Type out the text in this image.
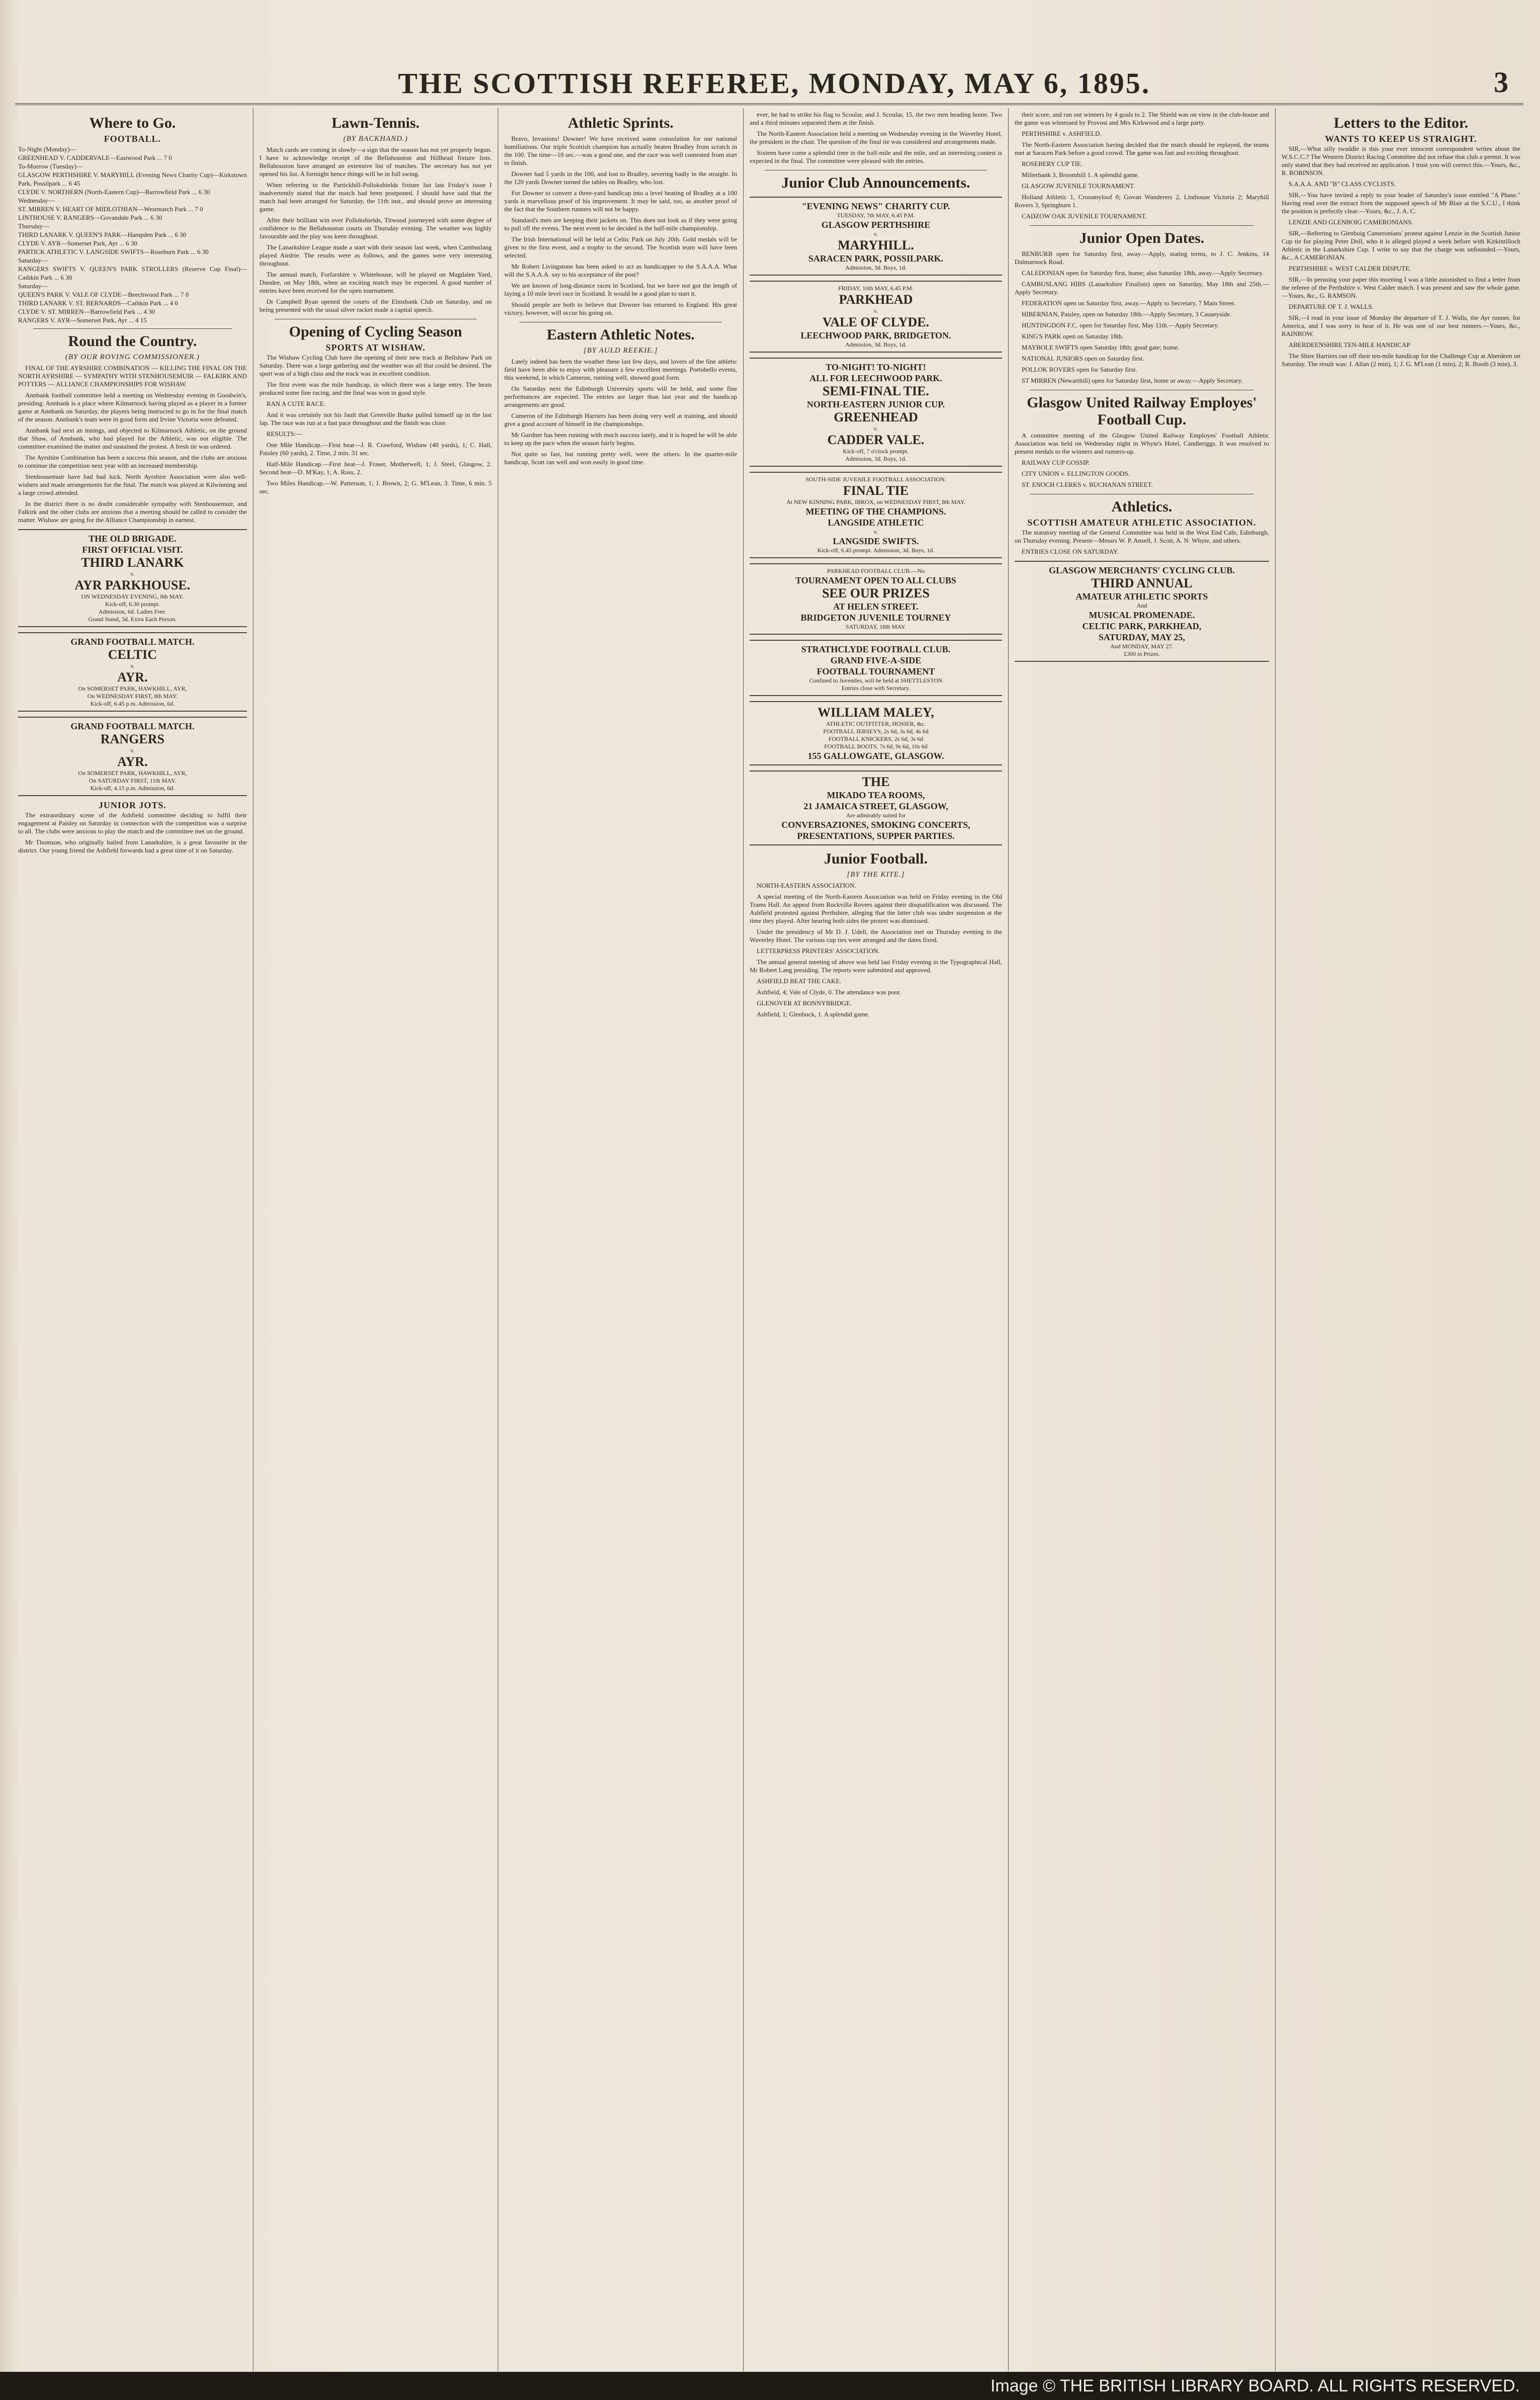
THE SCOTTISH REFEREE, MONDAY, MAY 6, 1895.	3
Where to Go.
FOOTBALL.
To-Night (Monday)—
GREENHEAD V. CADDERVALE—Eastwood Park ... 7 0
To-Morrow (Tuesday)—
GLASGOW PERTHSHIRE V. MARYHILL (Evening News Charity Cup)—Kirkstown Park, Possilpark ... 6 45
CLYDE V. NORTHERN (North-Eastern Cup)—Barrowfield Park ... 6 30
Wednesday—
ST. MIRREN V. HEART OF MIDLOTHIAN—Westmarch Park ... 7 0
LINTHOUSE V. RANGERS—Govandale Park ... 6 30
Thursday—
THIRD LANARK V. QUEEN'S PARK—Hampden Park ... 6 30
CLYDE V. AYR—Somerset Park, Ayr ... 6 30
PARTICK ATHLETIC V. LANGSIDE SWIFTS—Roseburn Park ... 6 30
Saturday—
RANGERS SWIFTS V. QUEEN'S PARK STROLLERS (Reserve Cup Final)—Cathkin Park ... 6 30
Saturday—
QUEEN'S PARK V. VALE OF CLYDE—Beechwood Park ... 7 0
THIRD LANARK V. ST. BERNARDS—Cathkin Park ... 4 0
CLYDE V. ST. MIRREN—Barrowfield Park ... 4 30
RANGERS V. AYR—Somerset Park, Ayr ... 4 15
Round the Country.
(BY OUR ROVING COMMISSIONER.)
FINAL OF THE AYRSHIRE COMBINATION — KILLING THE FINAL ON THE NORTH AYRSHIRE — SYMPATHY WITH STENHOUSEMUIR — FALKIRK AND POTTERS — ALLIANCE CHAMPIONSHIPS FOR WISHAW.
Annbank football committee held a meeting on Wednesday evening in Goodwin's, presiding. Annbank is a place where Kilmarnock having played as a player in a former game at Annbank on Saturday, the players being instructed to go in for the final match of the season. Annbank's team were in good form and Irvine Victoria were defeated.
Annbank had next an innings, and objected to Kilmarnock Athletic, on the ground that Shaw, of Annbank, who had played for the Athletic, was not eligible. The committee examined the matter and sustained the protest. A fresh tie was ordered.
The Ayrshire Combination has been a success this season, and the clubs are anxious to continue the competition next year with an increased membership.
Stenhousemuir have had bad luck. North Ayrshire Association were also well-wishers and made arrangements for the final. The match was played at Kilwinning and a large crowd attended.
In the district there is no doubt considerable sympathy with Stenhousemuir, and Falkirk and the other clubs are anxious that a meeting should be called to consider the matter. Wishaw are going for the Alliance Championship in earnest.
THE OLD BRIGADE.
FIRST OFFICIAL VISIT.
THIRD LANARK
v.
AYR PARKHOUSE.
ON WEDNESDAY EVENING, 8th MAY.
Kick-off, 6.30 prompt.
Admission, 6d. Ladies Free.
Grand Stand, 3d. Extra Each Person.
GRAND FOOTBALL MATCH.
CELTIC
v.
AYR.
On SOMERSET PARK, HAWKHILL, AYR,
On WEDNESDAY FIRST, 8th MAY.
Kick-off, 6.45 p.m. Admission, 6d.
GRAND FOOTBALL MATCH.
RANGERS
v.
AYR.
On SOMERSET PARK, HAWKHILL, AYR,
On SATURDAY FIRST, 11th MAY.
Kick-off, 4.15 p.m. Admission, 6d.
JUNIOR JOTS.
The extraordinary scene of the Ashfield committee deciding to fulfil their engagement at Paisley on Saturday in connection with the competition was a surprise to all. The clubs were anxious to play the match and the committee met on the ground.
Mr Thomson, who originally hailed from Lanarkshire, is a great favourite in the district. Our young friend the Ashfield forwards had a great time of it on Saturday.
Lawn-Tennis.
(BY BACKHAND.)
Match cards are coming in slowly—a sign that the season has not yet properly begun. I have to acknowledge receipt of the Bellahouston and Hillhead fixture lists. Bellahouston have arranged an extensive list of matches. The secretary has not yet opened his list. A fortnight hence things will be in full swing.
When referring to the Partickhill-Pollokshields fixture list last Friday's issue I inadvertently stated that the match had been postponed. I should have said that the match had been arranged for Saturday, the 11th inst., and should prove an interesting game.
After their brilliant win over Pollokshields, Titwood journeyed with some degree of confidence to the Bellahouston courts on Thursday evening. The weather was highly favourable and the play was keen throughout.
The Lanarkshire League made a start with their season last week, when Cambuslang played Airdrie. The results were as follows, and the games were very interesting throughout.
The annual match, Forfarshire v. Whitehouse, will be played on Magdalen Yard, Dundee, on May 18th, when an exciting match may be expected. A good number of entries have been received for the open tournament.
Dr Campbell Ryan opened the courts of the Elmsbank Club on Saturday, and on being presented with the usual silver racket made a capital speech.
Opening of Cycling Season
SPORTS AT WISHAW.
The Wishaw Cycling Club have the opening of their new track at Bellshaw Park on Saturday. There was a large gathering and the weather was all that could be desired. The sport was of a high class and the track was in excellent condition.
The first event was the mile handicap, in which there was a large entry. The heats produced some fine racing, and the final was won in good style.
RAN A CUTE RACE.
And it was certainly not his fault that Grenville Burke pulled himself up in the last lap. The race was run at a fast pace throughout and the finish was close.
RESULTS:—
One Mile Handicap.—First heat—J. R. Crawford, Wishaw (40 yards), 1; C. Hall, Paisley (60 yards), 2. Time, 2 min. 31 sec.
Half-Mile Handicap.—First heat—J. Fraser, Motherwell, 1; J. Steel, Glasgow, 2. Second heat—D. M'Kay, 1; A. Ross, 2.
Two Miles Handicap.—W. Patterson, 1; J. Brown, 2; G. M'Lean, 3. Time, 6 min. 5 sec.
Athletic Sprints.
Bravo, Invasions! Downer! We have received some consolation for our national humiliations. Our triple Scottish champion has actually beaten Bradley from scratch in the 100. The time—10 sec.—was a good one, and the race was well contested from start to finish.
Downer had 5 yards in the 100, and lost to Bradley, severing badly in the straight. In the 120 yards Downer turned the tables on Bradley, who lost.
For Downer to convert a three-yard handicap into a level beating of Bradley at a 100 yards is marvellous proof of his improvement. It may be said, too, as another proof of the fact that the Southern runners will not be happy.
Standard's men are keeping their jackets on. This does not look as if they were going to pull off the events. The next event to be decided is the half-mile championship.
The Irish International will be held at Celtic Park on July 20th. Gold medals will be given to the first event, and a trophy to the second. The Scottish team will have been selected.
Mr Robert Livingstone has been asked to act as handicapper to the S.A.A.A. What will the S.A.A.A. say to his acceptance of the post?
We are known of long-distance races in Scotland, but we have not got the length of laying a 10 mile level race in Scotland. It would be a good plan to start it.
Should people are both to believe that Downer has returned to England. His great victory, however, will occur his going on.
Eastern Athletic Notes.
[BY AULD REEKIE.]
Lately indeed has been the weather these last few days, and lovers of the fine athletic field have been able to enjoy with pleasure a few excellent meetings. Portobello events, this weekend, in which Cameron, running well, showed good form.
On Saturday next the Edinburgh University sports will be held, and some fine performances are expected. The entries are larger than last year and the handicap arrangements are good.
Cameron of the Edinburgh Harriers has been doing very well at training, and should give a good account of himself in the championships.
Mr Gardner has been running with much success lately, and it is hoped he will be able to keep up the pace when the season fairly begins.
Not quite so fast, but running pretty well, were the others. In the quarter-mile handicap, Scott ran well and won easily in good time.
ever, he had to strike his flag to Scoular, and J. Scoular, 15, the two men heading home. Two and a third minutes separated them at the finish.
The North-Eastern Association held a meeting on Wednesday evening in the Waverley Hotel, the president in the chair. The question of the final tie was considered and arrangements made.
Sixteen have come a splendid time in the half-mile and the mile, and an interesting contest is expected in the final. The committee were pleased with the entries.
Junior Club Announcements.
"EVENING NEWS" CHARITY CUP.
TUESDAY, 7th MAY, 6.45 P.M.
GLASGOW PERTHSHIRE
v.
MARYHILL.
SARACEN PARK, POSSILPARK.
Admission, 3d. Boys, 1d.
FRIDAY, 10th MAY, 6.45 P.M.
PARKHEAD
v.
VALE OF CLYDE.
LEECHWOOD PARK, BRIDGETON.
Admission, 3d. Boys, 1d.
TO-NIGHT! TO-NIGHT!
ALL FOR LEECHWOOD PARK.
SEMI-FINAL TIE.
NORTH-EASTERN JUNIOR CUP.
GREENHEAD
v.
CADDER VALE.
Kick-off, 7 o'clock prompt.
Admission, 3d. Boys, 1d.
SOUTH-SIDE JUVENILE FOOTBALL ASSOCIATION.
FINAL TIE
At NEW KINNING PARK, IBROX, on WEDNESDAY FIRST, 8th MAY.
MEETING OF THE CHAMPIONS.
LANGSIDE ATHLETIC
v.
LANGSIDE SWIFTS.
Kick-off, 6.45 prompt. Admission, 3d. Boys, 1d.
PARKHEAD FOOTBALL CLUB.—No
TOURNAMENT OPEN TO ALL CLUBS
SEE OUR PRIZES
AT HELEN STREET.
BRIDGETON JUVENILE TOURNEY
SATURDAY, 18th MAY.
STRATHCLYDE FOOTBALL CLUB.
GRAND FIVE-A-SIDE
FOOTBALL TOURNAMENT
Confined to Juveniles, will be held at SHETTLESTON
Entries close with Secretary.
WILLIAM MALEY,
ATHLETIC OUTFITTER, HOSIER, &c.
FOOTBALL JERSEYS, 2s 6d, 3s 6d, 4s 6d
FOOTBALL KNICKERS, 2s 6d, 3s 6d
FOOTBALL BOOTS, 7s 6d, 9s 6d, 10s 6d
155 GALLOWGATE, GLASGOW.
THE
MIKADO TEA ROOMS,
21 JAMAICA STREET, GLASGOW,
Are admirably suited for
CONVERSAZIONES, SMOKING CONCERTS,
PRESENTATIONS, SUPPER PARTIES.
Junior Football.
[BY THE KITE.]
NORTH-EASTERN ASSOCIATION.
A special meeting of the North-Eastern Association was held on Friday evening in the Old Trams Hall. An appeal from Rockvilla Rovers against their disqualification was discussed. The Ashfield protested against Perthshire, alleging that the latter club was under suspension at the time they played. After hearing both sides the protest was dismissed.
Under the presidency of Mr D. J. Udell, the Association met on Thursday evening in the Waverley Hotel. The various cup ties were arranged and the dates fixed.
LETTERPRESS PRINTERS' ASSOCIATION.
The annual general meeting of above was held last Friday evening in the Typographical Hall, Mr Robert Lang presiding. The reports were submitted and approved.
ASHFIELD BEAT THE CAKE.
Ashfield, 4; Vale of Clyde, 0. The attendance was poor.
GLENOVER AT BONNYBRIDGE.
Ashfield, 1; Glenbuck, 1. A splendid game.
their score, and ran out winners by 4 goals to 2. The Shield was on view in the club-house and the game was witnessed by Provost and Mrs Kirkwood and a large party.
PERTHSHIRE v. ASHFIELD.
The North-Eastern Association having decided that the match should be replayed, the teams met at Saracen Park before a good crowd. The game was fast and exciting throughout.
ROSEBERY CUP TIE.
Millerbank 3, Broomhill 1. A splendid game.
GLASGOW JUVENILE TOURNAMENT.
Holland Athletic 1, Crossmyloof 0; Govan Wanderers 2, Linthouse Victoria 2; Maryhill Rovers 3, Springburn 1.
CADZOW OAK JUVENILE TOURNAMENT.
Junior Open Dates.
BENBURB open for Saturday first, away.—Apply, stating terms, to J. C. Jenkins, 14 Dalmarnock Road.
CALEDONIAN open for Saturday first, home; also Saturday 18th, away.—Apply Secretary.
CAMBUSLANG HIBS (Lanarkshire Finalists) open on Saturday, May 18th and 25th.—Apply Secretary.
FEDERATION open on Saturday first, away.—Apply to Secretary, 7 Main Street.
HIBERNIAN, Paisley, open on Saturday 18th.—Apply Secretary, 3 Causeyside.
HUNTINGDON F.C. open for Saturday first, May 11th.—Apply Secretary.
KING'S PARK open on Saturday 18th.
MAYBOLE SWIFTS open Saturday 18th; good gate; home.
NATIONAL JUNIORS open on Saturday first.
POLLOK ROVERS open for Saturday first.
ST MIRREN (Newarthill) open for Saturday first, home or away.—Apply Secretary.
Glasgow United Railway Employes' Football Cup.
A committee meeting of the Glasgow United Railway Employes' Football Athletic Association was held on Wednesday night in Whyte's Hotel, Candleriggs. It was resolved to present medals to the winners and runners-up.
RAILWAY CUP GOSSIP.
CITY UNION v. ELLINGTON GOODS.
ST. ENOCH CLERKS v. BUCHANAN STREET.
Athletics.
SCOTTISH AMATEUR ATHLETIC ASSOCIATION.
The statutory meeting of the General Committee was held in the West End Cafe, Edinburgh, on Thursday evening. Present—Messrs W. P. Ansell, J. Scott, A. N. Whyte, and others.
ENTRIES CLOSE ON SATURDAY.
GLASGOW MERCHANTS' CYCLING CLUB.
THIRD ANNUAL
AMATEUR ATHLETIC SPORTS
And
MUSICAL PROMENADE.
CELTIC PARK, PARKHEAD,
SATURDAY, MAY 25,
And MONDAY, MAY 27.
£300 in Prizes.
Letters to the Editor.
WANTS TO KEEP US STRAIGHT.
SIR,—What silly twaddle is this your ever innocent correspondent writes about the W.S.C.C.? The Western District Racing Committee did not refuse that club a permit. It was only stated that they had received no application. I trust you will correct this.—Yours, &c., R. ROBINSON.
S.A.A.A. AND "B" CLASS CYCLISTS.
SIR,—You have invited a reply to your leader of Saturday's issue entitled "A Phase." Having read over the extract from the supposed speech of Mr Blair at the S.C.U., I think the position is perfectly clear.—Yours, &c., J. A. C.
LENZIE AND GLENBOIG CAMERONIANS.
SIR,—Referring to Glenboig Cameronians' protest against Lenzie in the Scottish Junior Cup tie for playing Peter Doll, who it is alleged played a week before with Kirkintilloch Athletic in the Lanarkshire Cup. I write to say that the charge was unfounded.—Yours, &c., A CAMERONIAN.
PERTHSHIRE v. WEST CALDER DISPUTE.
SIR,—In perusing your paper this morning I was a little astonished to find a letter from the referee of the Perthshire v. West Calder match. I was present and saw the whole game.—Yours, &c., G. RAMSON.
DEPARTURE OF T. J. WALLS.
SIR,—I read in your issue of Monday the departure of T. J. Walls, the Ayr runner, for America, and I was sorry to hear of it. He was one of our best runners.—Yours, &c., RAINBOW.
ABERDEENSHIRE TEN-MILE HANDICAP
The Shire Harriers ran off their ten-mile handicap for the Challenge Cup at Aberdeen on Saturday. The result was: J. Allan (2 min), 1; J. G. M'Lean (1 min), 2; R. Booth (3 min), 3.
Image © THE BRITISH LIBRARY BOARD. ALL RIGHTS RESERVED.
